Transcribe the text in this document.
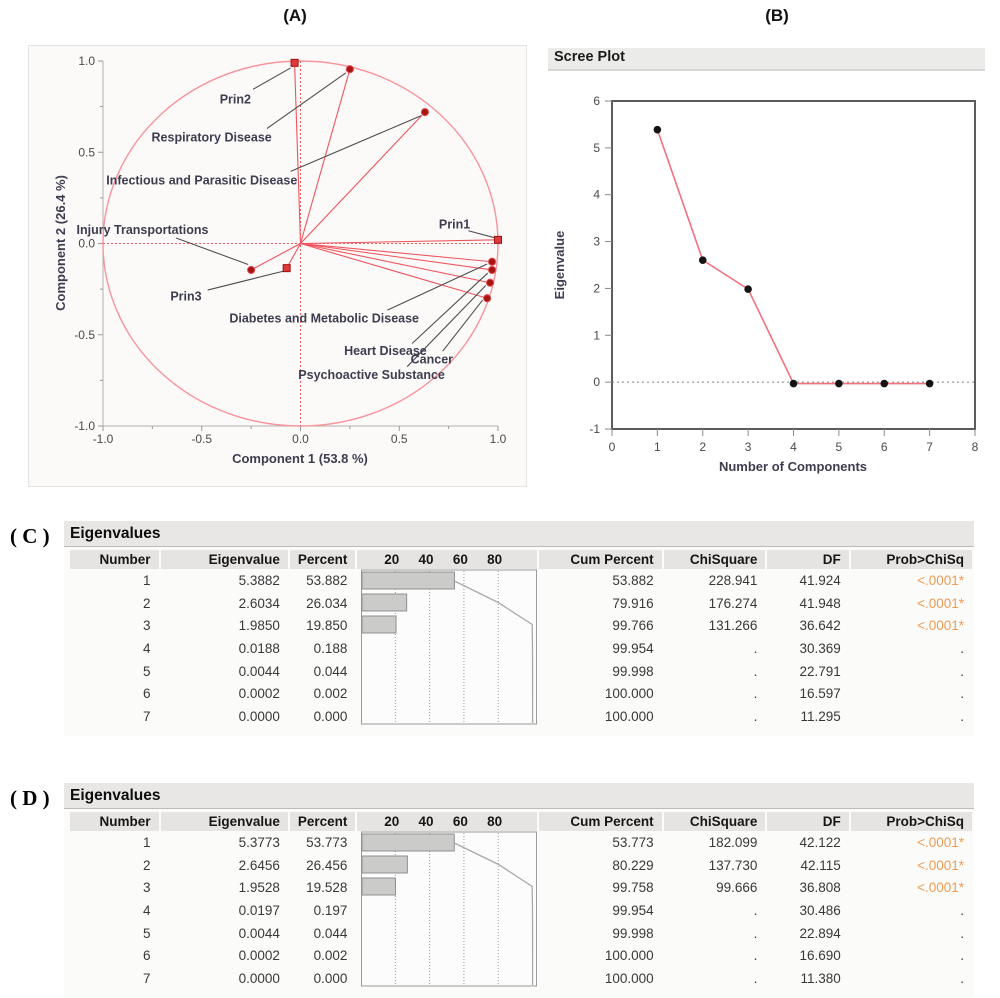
(A)	(B)
-1.0
-1.0
-0.5
-0.5
0.0
0.0
0.5
0.5
1.0
1.0
Prin2
Respiratory Disease
Infectious and Parasitic Disease
Injury Transportations	Prin1
Prin3
Diabetes and Metabolic Disease
Heart Disease
Cancer
Psychoactive Substance
Component 1 (53.8 %)
Component 2 (26.4 %)
Scree Plot
6
5
4
3
2
1
0
-1
0	1	2	3	4	5	6	7	8
Number of Components
Eigenvalue
( C )	Eigenvalues
Number	Eigenvalue	Percent	20 40 60 80	Cum Percent	ChiSquare	DF	Prob>ChiSq
1	5.3882	53.882		53.882	228.941	41.924	<.0001*
2	2.6034	26.034		79.916	176.274	41.948	<.0001*
3	1.9850	19.850		99.766	131.266	36.642	<.0001*
4	0.0188	0.188		99.954	.	30.369	.
5	0.0044	0.044		99.998	.	22.791	.
6	0.0002	0.002		100.000	.	16.597	.
7	0.0000	0.000		100.000	.	11.295	.
( D )	Eigenvalues
Number	Eigenvalue	Percent	20 40 60 80	Cum Percent	ChiSquare	DF	Prob>ChiSq
1	5.3773	53.773		53.773	182.099	42.122	<.0001*
2	2.6456	26.456		80.229	137.730	42.115	<.0001*
3	1.9528	19.528		99.758	99.666	36.808	<.0001*
4	0.0197	0.197		99.954	.	30.486	.
5	0.0044	0.044		99.998	.	22.894	.
6	0.0002	0.002		100.000	.	16.690	.
7	0.0000	0.000		100.000	.	11.380	.
